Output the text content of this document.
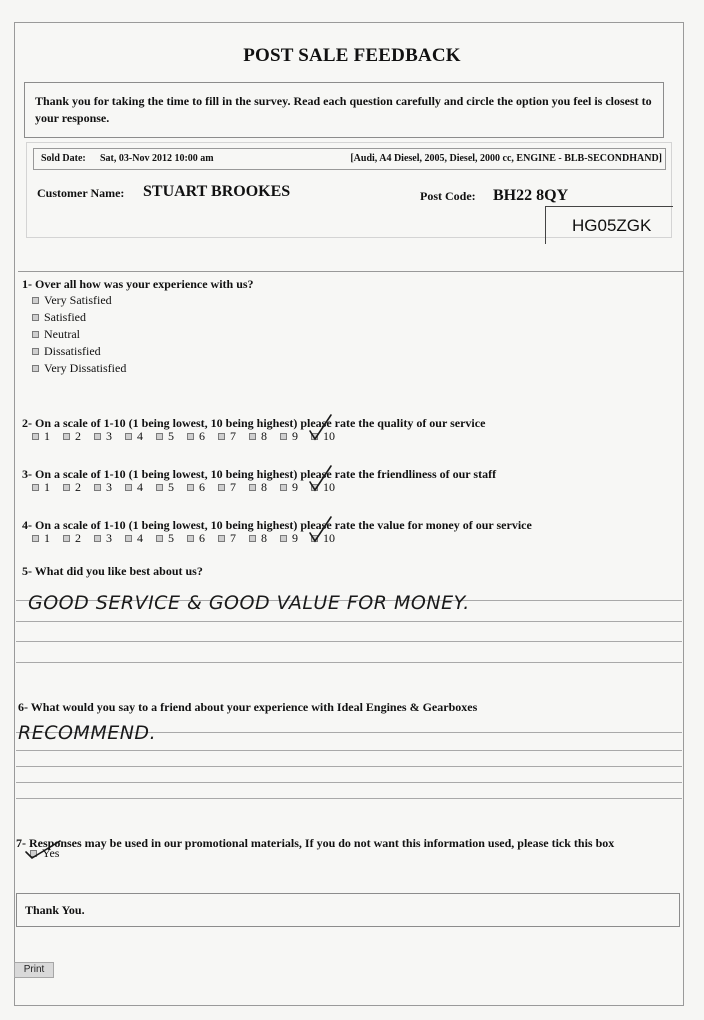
POST SALE FEEDBACK
Thank you for taking the time to fill in the survey. Read each question carefully and circle the option you feel is closest to your response.
Sold Date: Sat, 03-Nov 2012 10:00 am	[Audi, A4 Diesel, 2005, Diesel, 2000 cc, ENGINE - BLB-SECONDHAND]
Customer Name: STUART BROOKES	Post Code: BH22 8QY
HG05ZGK
1- Over all how was your experience with us?
Very Satisfied
Satisfied
Neutral
Dissatisfied
Very Dissatisfied
2- On a scale of 1-10 (1 being lowest, 10 being highest) please rate the quality of our service
1 2 3 4 5 6 7 8 9 10
3- On a scale of 1-10 (1 being lowest, 10 being highest) please rate the friendliness of our staff
1 2 3 4 5 6 7 8 9 10
4- On a scale of 1-10 (1 being lowest, 10 being highest) please rate the value for money of our service
1 2 3 4 5 6 7 8 9 10
5- What did you like best about us?
GOOD SERVICE & GOOD VALUE FOR MONEY.
6- What would you say to a friend about your experience with Ideal Engines & Gearboxes
RECOMMEND.
7- Responses may be used in our promotional materials, If you do not want this information used, please tick this box
Yes
Thank You.
Print
